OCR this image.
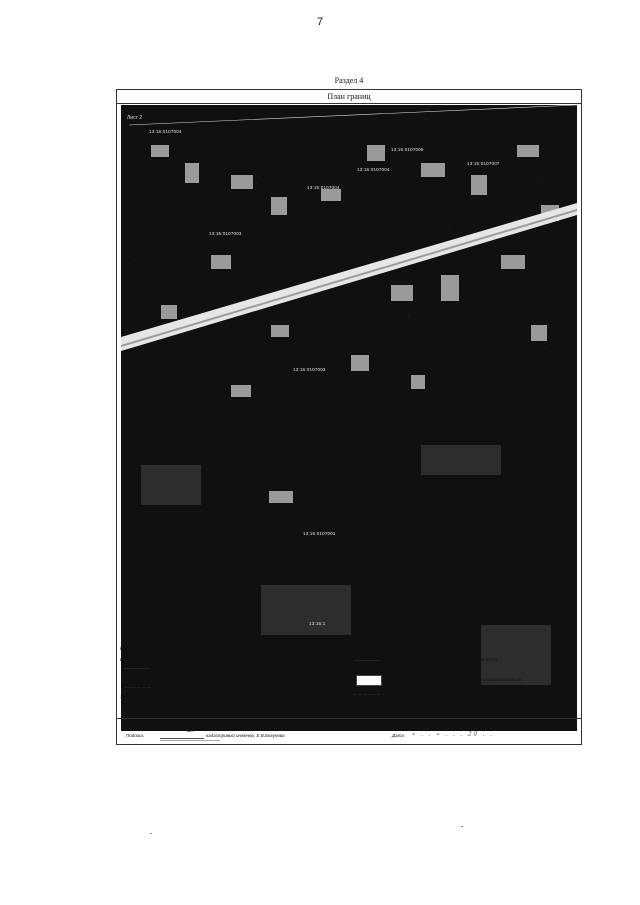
7
Раздел 4
План границ
Лист 2
13:15:0107004
13:15:0107005
13:15:0107004
13:15:0107004
13:15:0107003
13:15:0107007
13:15:0107003
13:15:0107001
13:15:1
Масштаб 1:1 000
Используемые условные знаки и обозначения
граница охранной зоны
1	обозначение характерной точки границы охранной зоны
граница кадастрового квартала
13:15:0107004	номер кадастрового квартала
границы земельных участков по сведениям ЕГРН
13:15:0107004:29 кадастровый номер земельного участка
контуры и номер объектов капитального строительства по сведениям ЕГРН
элементы контура ситуации
границы зон с особыми условиями использования территории
Подпись	∽	кадастровый инженер, Е.В.Бегунова	Дата « . . » . . . 20 . .
